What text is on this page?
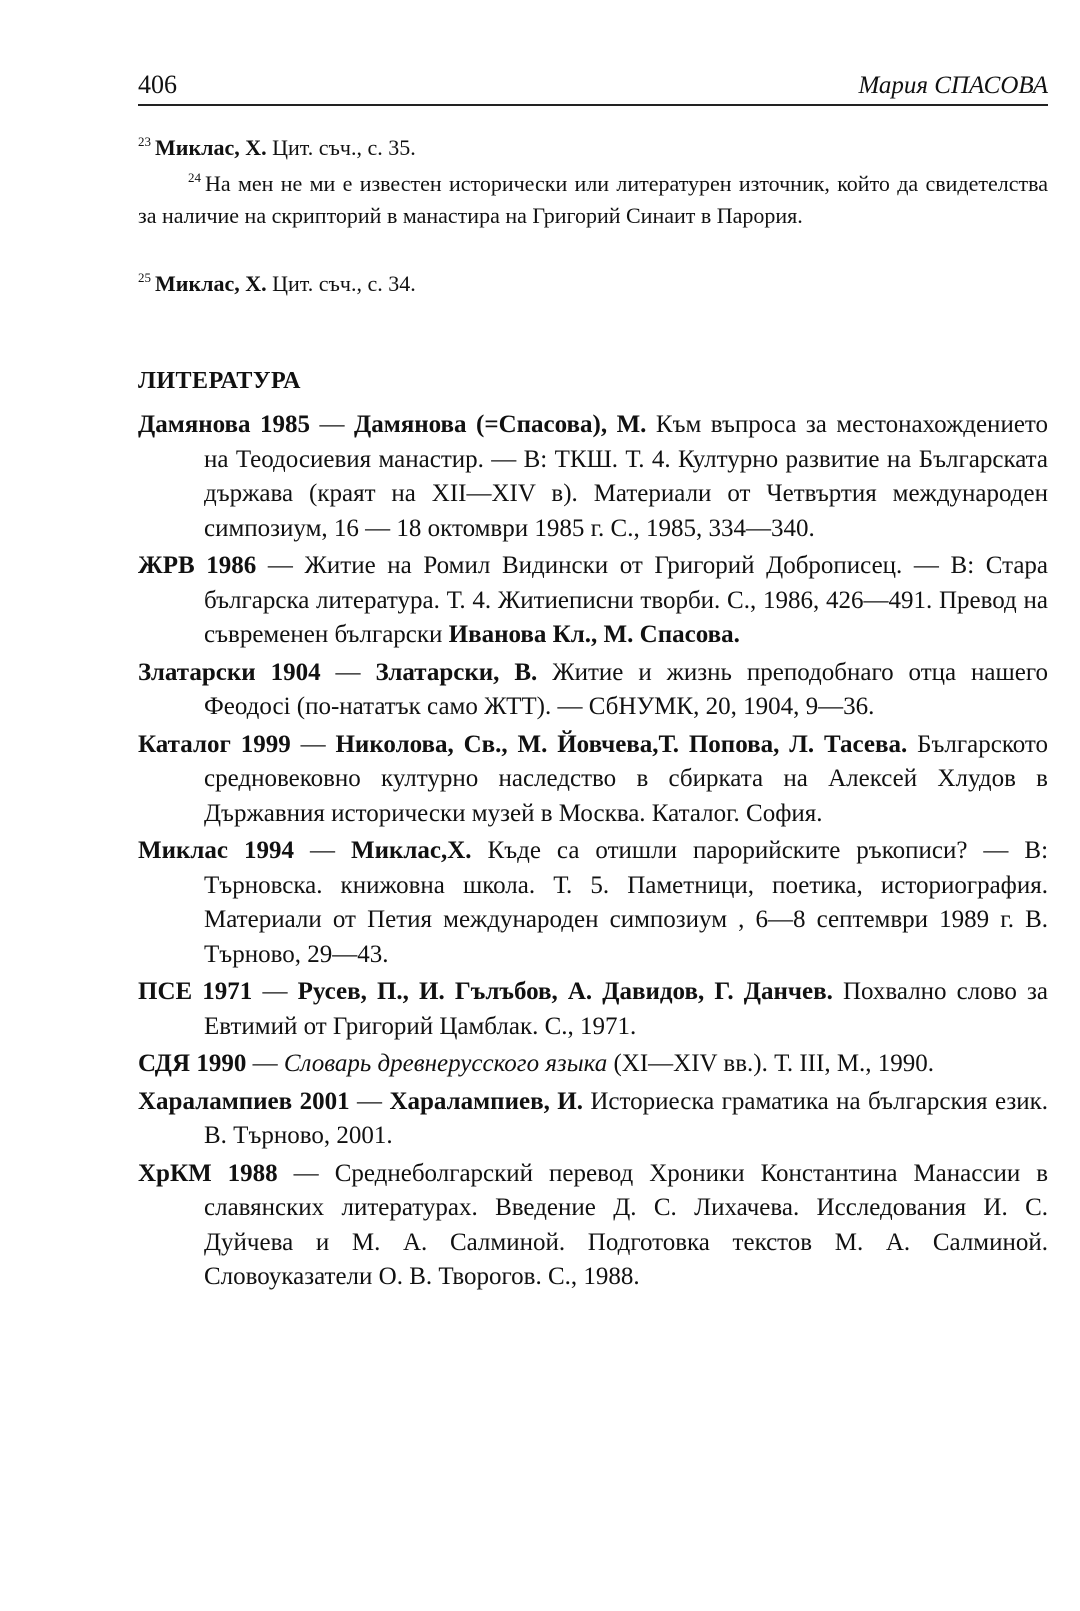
406	Мария СПАСОВА

$^{23}$ Миклас, Х. Цит. съч., с. 35.

$^{24}$ На мен не ми е известен исторически или литературен източник, който да свидетелства за наличие на скрипторий в манастира на Григорий Синаит в Парория.

$^{25}$ Миклас, Х. Цит. съч., с. 34.

ЛИТЕРАТУРА
Дамянова 1985 — Дамянова (=Спасова), М. Към въпроса за местонахождението на Теодосиевия манастир. — В: ТКШ. Т. 4. Културно развитие на Българската държава (краят на XII—XIV в). Материали от Четвъртия международен симпозиум, 16 — 18 октомври 1985 г. С., 1985, 334—340.
ЖРВ 1986 — Житие на Ромил Видински от Григорий Доброписец. — В: Стара българска литература. Т. 4. Житиеписни творби. С., 1986, 426—491. Превод на съвременен български Иванова Кл., М. Спасова.
Златарски 1904 — Златарски, В. Житие и жизнь преподобнаго отца нашего Феодосi (по-нататък само ЖТТ). — СбНУМК, 20, 1904, 9—36.
Каталог 1999 — Николова, Св., М. Йовчева,Т. Попова, Л. Тасева. Българското средновековно културно наследство в сбирката на Алексей Хлудов в Държавния исторически музей в Москва. Каталог. София.
Миклас 1994 — Миклас,Х. Къде са отишли парорийските ръкописи? — В: Търновска. книжовна школа. Т. 5. Паметници, поетика, историография. Материали от Петия международен симпозиум , 6—8 септември 1989 г. В. Търново, 29—43.
ПСЕ 1971 — Русев, П., И. Гълъбов, А. Давидов, Г. Данчев. Похвално слово за Евтимий от Григорий Цамблак. С., 1971.
СДЯ 1990 — Словарь древнерусского языка (XI—XIV вв.). Т. III, М., 1990.
Харалампиев 2001 — Харалампиев, И. Историеска граматика на българския език. В. Търново, 2001.
ХрКМ 1988 — Среднеболгарский перевод Хроники Константина Манассии в славянских литературах. Введение Д. С. Лихачева. Исследования И. С. Дуйчева и М. А. Салминой. Подготовка текстов М. А. Салминой. Словоуказатели О. В. Творогов. С., 1988.
